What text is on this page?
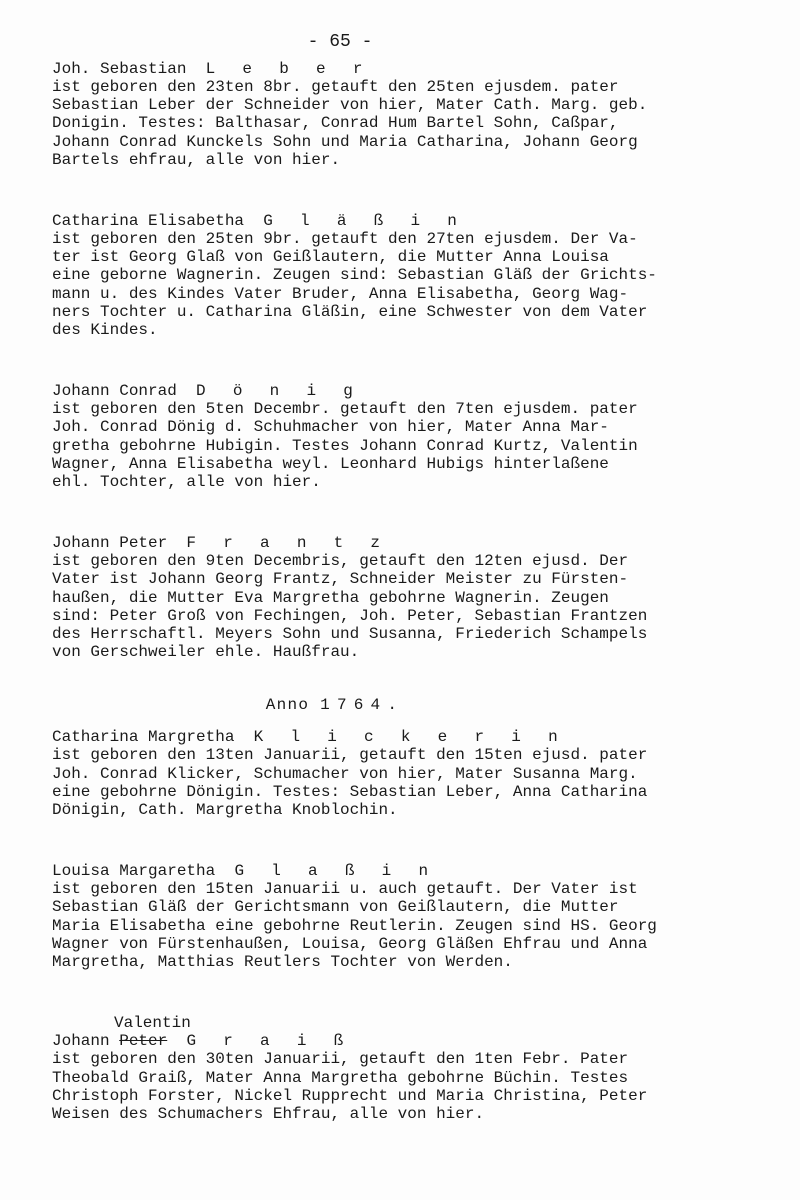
- 65 -
Joh. Sebastian L e b e r
ist geboren den 23ten 8br. getauft den 25ten ejusdem. pater
Sebastian Leber der Schneider von hier, Mater Cath. Marg. geb.
Donigin. Testes: Balthasar, Conrad Hum Bartel Sohn, Caßpar,
Johann Conrad Kunckels Sohn und Maria Catharina, Johann Georg
Bartels ehfrau, alle von hier.
Catharina Elisabetha G l ä ß i n
ist geboren den 25ten 9br. getauft den 27ten ejusdem. Der Va-
ter ist Georg Glaß von Geißlautern, die Mutter Anna Louisa
eine geborne Wagnerin. Zeugen sind: Sebastian Gläß der Grichts-
mann u. des Kindes Vater Bruder, Anna Elisabetha, Georg Wag-
ners Tochter u. Catharina Gläßin, eine Schwester von dem Vater
des Kindes.
Johann Conrad D ö n i g
ist geboren den 5ten Decembr. getauft den 7ten ejusdem. pater
Joh. Conrad Dönig d. Schuhmacher von hier, Mater Anna Mar-
gretha gebohrne Hubigin. Testes Johann Conrad Kurtz, Valentin
Wagner, Anna Elisabetha weyl. Leonhard Hubigs hinterlaßene
ehl. Tochter, alle von hier.
Johann Peter F r a n t z
ist geboren den 9ten Decembris, getauft den 12ten ejusd. Der
Vater ist Johann Georg Frantz, Schneider Meister zu Fürsten-
haußen, die Mutter Eva Margretha gebohrne Wagnerin. Zeugen
sind: Peter Groß von Fechingen, Joh. Peter, Sebastian Frantzen
des Herrschaftl. Meyers Sohn und Susanna, Friederich Schampels
von Gerschweiler ehle. Haußfrau.
Anno 1764.
Catharina Margretha K l i c k e r i n
ist geboren den 13ten Januarii, getauft den 15ten ejusd. pater
Joh. Conrad Klicker, Schumacher von hier, Mater Susanna Marg.
eine gebohrne Dönigin. Testes: Sebastian Leber, Anna Catharina
Dönigin, Cath. Margretha Knoblochin.
Louisa Margaretha G l a ß i n
ist geboren den 15ten Januarii u. auch getauft. Der Vater ist
Sebastian Gläß der Gerichtsmann von Geißlautern, die Mutter
Maria Elisabetha eine gebohrne Reutlerin. Zeugen sind HS. Georg
Wagner von Fürstenhaußen, Louisa, Georg Gläßen Ehfrau und Anna
Margretha, Matthias Reutlers Tochter von Werden.
Valentin
Johann Peter G r a i ß
ist geboren den 30ten Januarii, getauft den 1ten Febr. Pater
Theobald Graiß, Mater Anna Margretha gebohrne Büchin. Testes
Christoph Forster, Nickel Rupprecht und Maria Christina, Peter
Weisen des Schumachers Ehfrau, alle von hier.
